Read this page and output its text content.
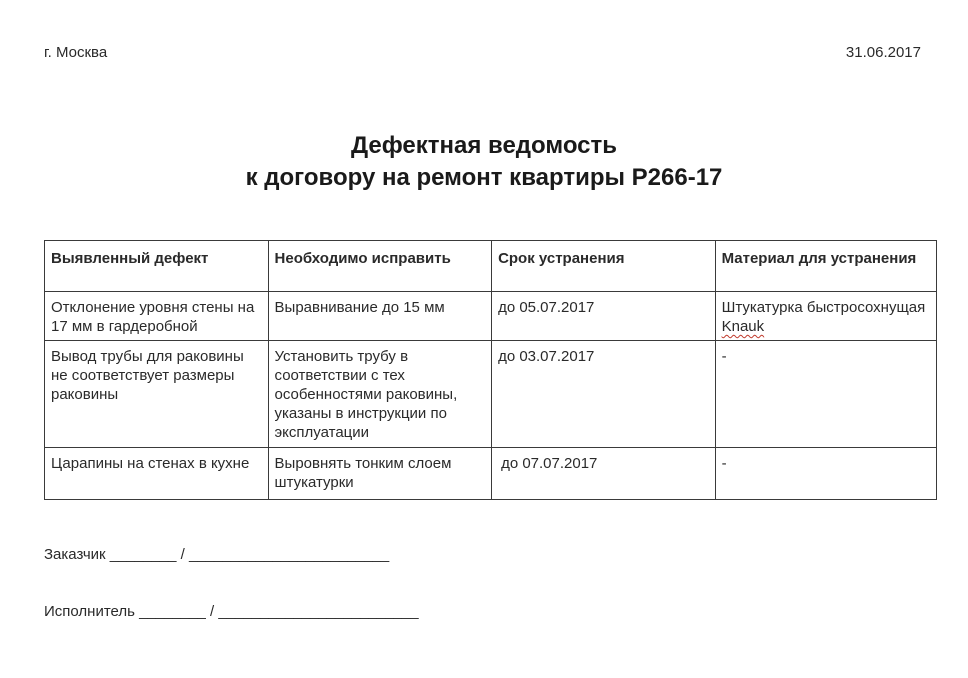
г. Москва	31.06.2017
Дефектная ведомость
к договору на ремонт квартиры Р266-17
Выявленный дефект	Необходимо исправить	Срок устранения	Материал для устранения
Отклонение уровня стены на 17 мм в гардеробной	Выравнивание до 15 мм	до 05.07.2017	Штукатурка быстросохнущая Knauk
Вывод трубы для раковины не соответствует размеры раковины	Установить трубу в соответствии с тех особенностями раковины, указаны в инструкции по эксплуатации	до 03.07.2017	-
Царапины на стенах в кухне	Выровнять тонким слоем штукатурки	до 07.07.2017	-
Заказчик ________ / ________________________
Исполнитель ________ / ________________________
